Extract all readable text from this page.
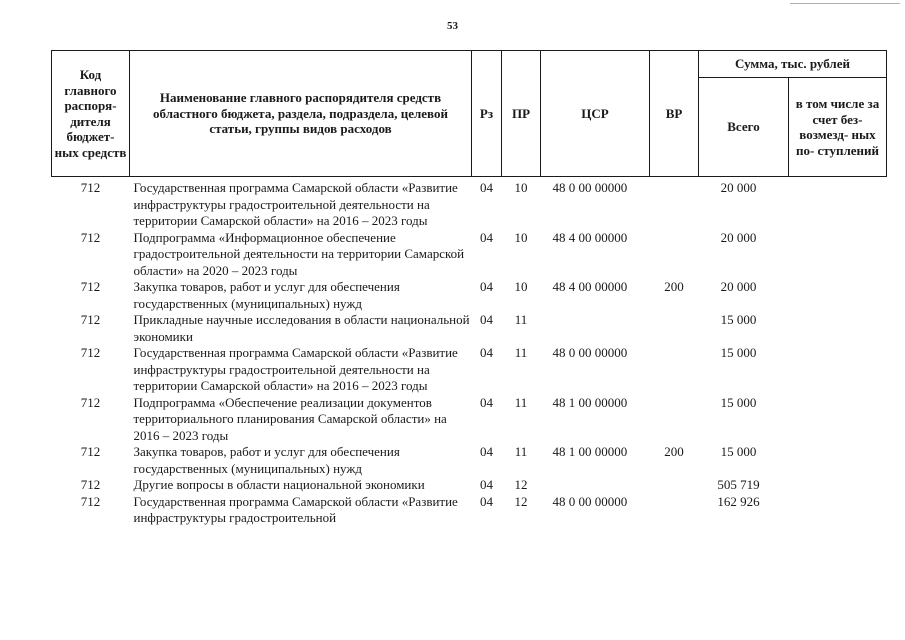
53
Код главного распоря- дителя бюджет- ных средств	Наименование главного распорядителя средств областного бюджета, раздела, подраздела, целевой статьи, группы видов расходов	Рз	ПР	ЦСР	ВР	Сумма, тыс. рублей	
						Всего	в том числе за счет без- возмезд- ных по- ступлений
712	Государственная программа Самарской области «Развитие инфраструктуры градостроительной деятельности на территории Самарской области» на 2016 – 2023 годы	04	10	48 0 00 00000		20 000	
712	Подпрограмма «Информационное обеспечение градостроительной деятельности на территории Самарской области» на 2020 – 2023 годы	04	10	48 4 00 00000		20 000	
712	Закупка товаров, работ и услуг для обеспечения государственных (муниципальных) нужд	04	10	48 4 00 00000	200	20 000	
712	Прикладные научные исследования в области национальной экономики	04	11			15 000	
712	Государственная программа Самарской области «Развитие инфраструктуры градостроительной деятельности на территории Самарской области» на 2016 – 2023 годы	04	11	48 0 00 00000		15 000	
712	Подпрограмма «Обеспечение реализации документов территориального планирования Самарской области» на 2016 – 2023 годы	04	11	48 1 00 00000		15 000	
712	Закупка товаров, работ и услуг для обеспечения государственных (муниципальных) нужд	04	11	48 1 00 00000	200	15 000	
712	Другие вопросы в области национальной экономики	04	12			505 719	
712	Государственная программа Самарской области «Развитие инфраструктуры градостроительной	04	12	48 0 00 00000		162 926	
